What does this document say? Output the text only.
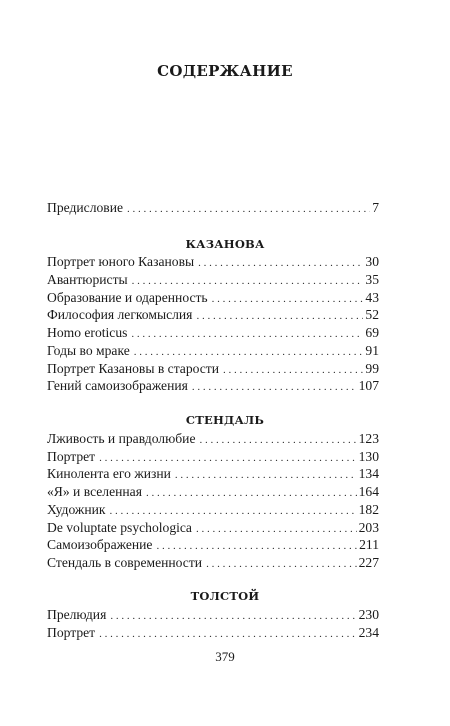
СОДЕРЖАНИЕ
Предисловие . . .	7
КАЗАНОВА
Портрет юного Казановы . . .	30
Авантюристы . . .	35
Образование и одаренность . . .	43
Философия легкомыслия . . .	52
Homo eroticus . . .	69
Годы во мраке . . .	91
Портрет Казановы в старости . . .	99
Гений самоизображения . . .	107
СТЕНДАЛЬ
Лживость и правдолюбие . . .	123
Портрет . . .	130
Кинолента его жизни . . .	134
«Я» и вселенная . . .	164
Художник . . .	182
De voluptate psychologica . . .	203
Самоизображение . . .	211
Стендаль в современности . . .	227
ТОЛСТОЙ
Прелюдия . . .	230
Портрет . . .	234
379
